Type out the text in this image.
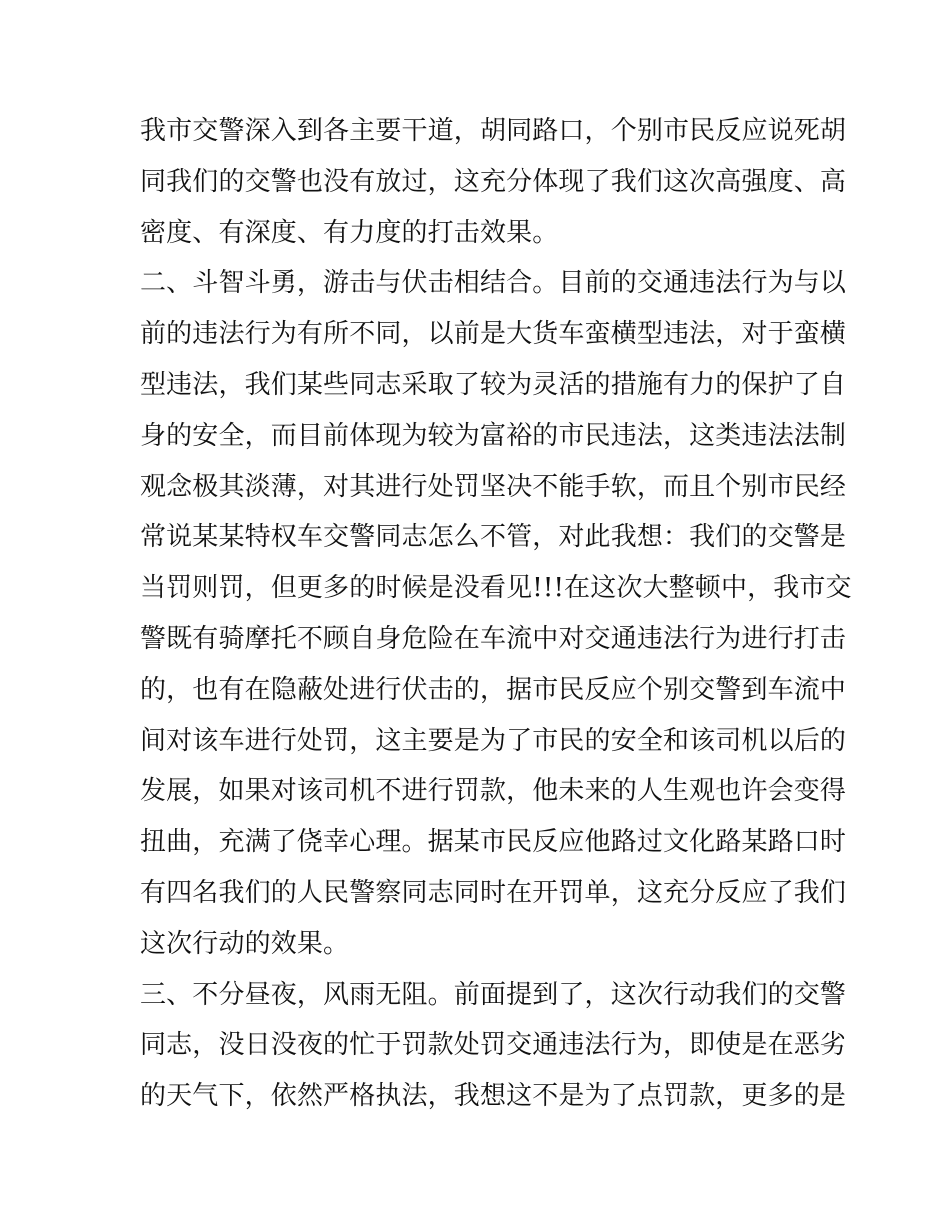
我市交警深入到各主要干道，胡同路口，个别市民反应说死胡
同我们的交警也没有放过，这充分体现了我们这次高强度、高
密度、有深度、有力度的打击效果。
二、斗智斗勇，游击与伏击相结合。目前的交通违法行为与以
前的违法行为有所不同，以前是大货车蛮横型违法，对于蛮横
型违法，我们某些同志采取了较为灵活的措施有力的保护了自
身的安全，而目前体现为较为富裕的市民违法，这类违法法制
观念极其淡薄，对其进行处罚坚决不能手软，而且个别市民经
常说某某特权车交警同志怎么不管，对此我想：我们的交警是
当罚则罚，但更多的时候是没看见!!!在这次大整顿中，我市交
警既有骑摩托不顾自身危险在车流中对交通违法行为进行打击
的，也有在隐蔽处进行伏击的，据市民反应个别交警到车流中
间对该车进行处罚，这主要是为了市民的安全和该司机以后的
发展，如果对该司机不进行罚款，他未来的人生观也许会变得
扭曲，充满了侥幸心理。据某市民反应他路过文化路某路口时
有四名我们的人民警察同志同时在开罚单，这充分反应了我们
这次行动的效果。
三、不分昼夜，风雨无阻。前面提到了，这次行动我们的交警
同志，没日没夜的忙于罚款处罚交通违法行为，即使是在恶劣
的天气下，依然严格执法，我想这不是为了点罚款，更多的是
